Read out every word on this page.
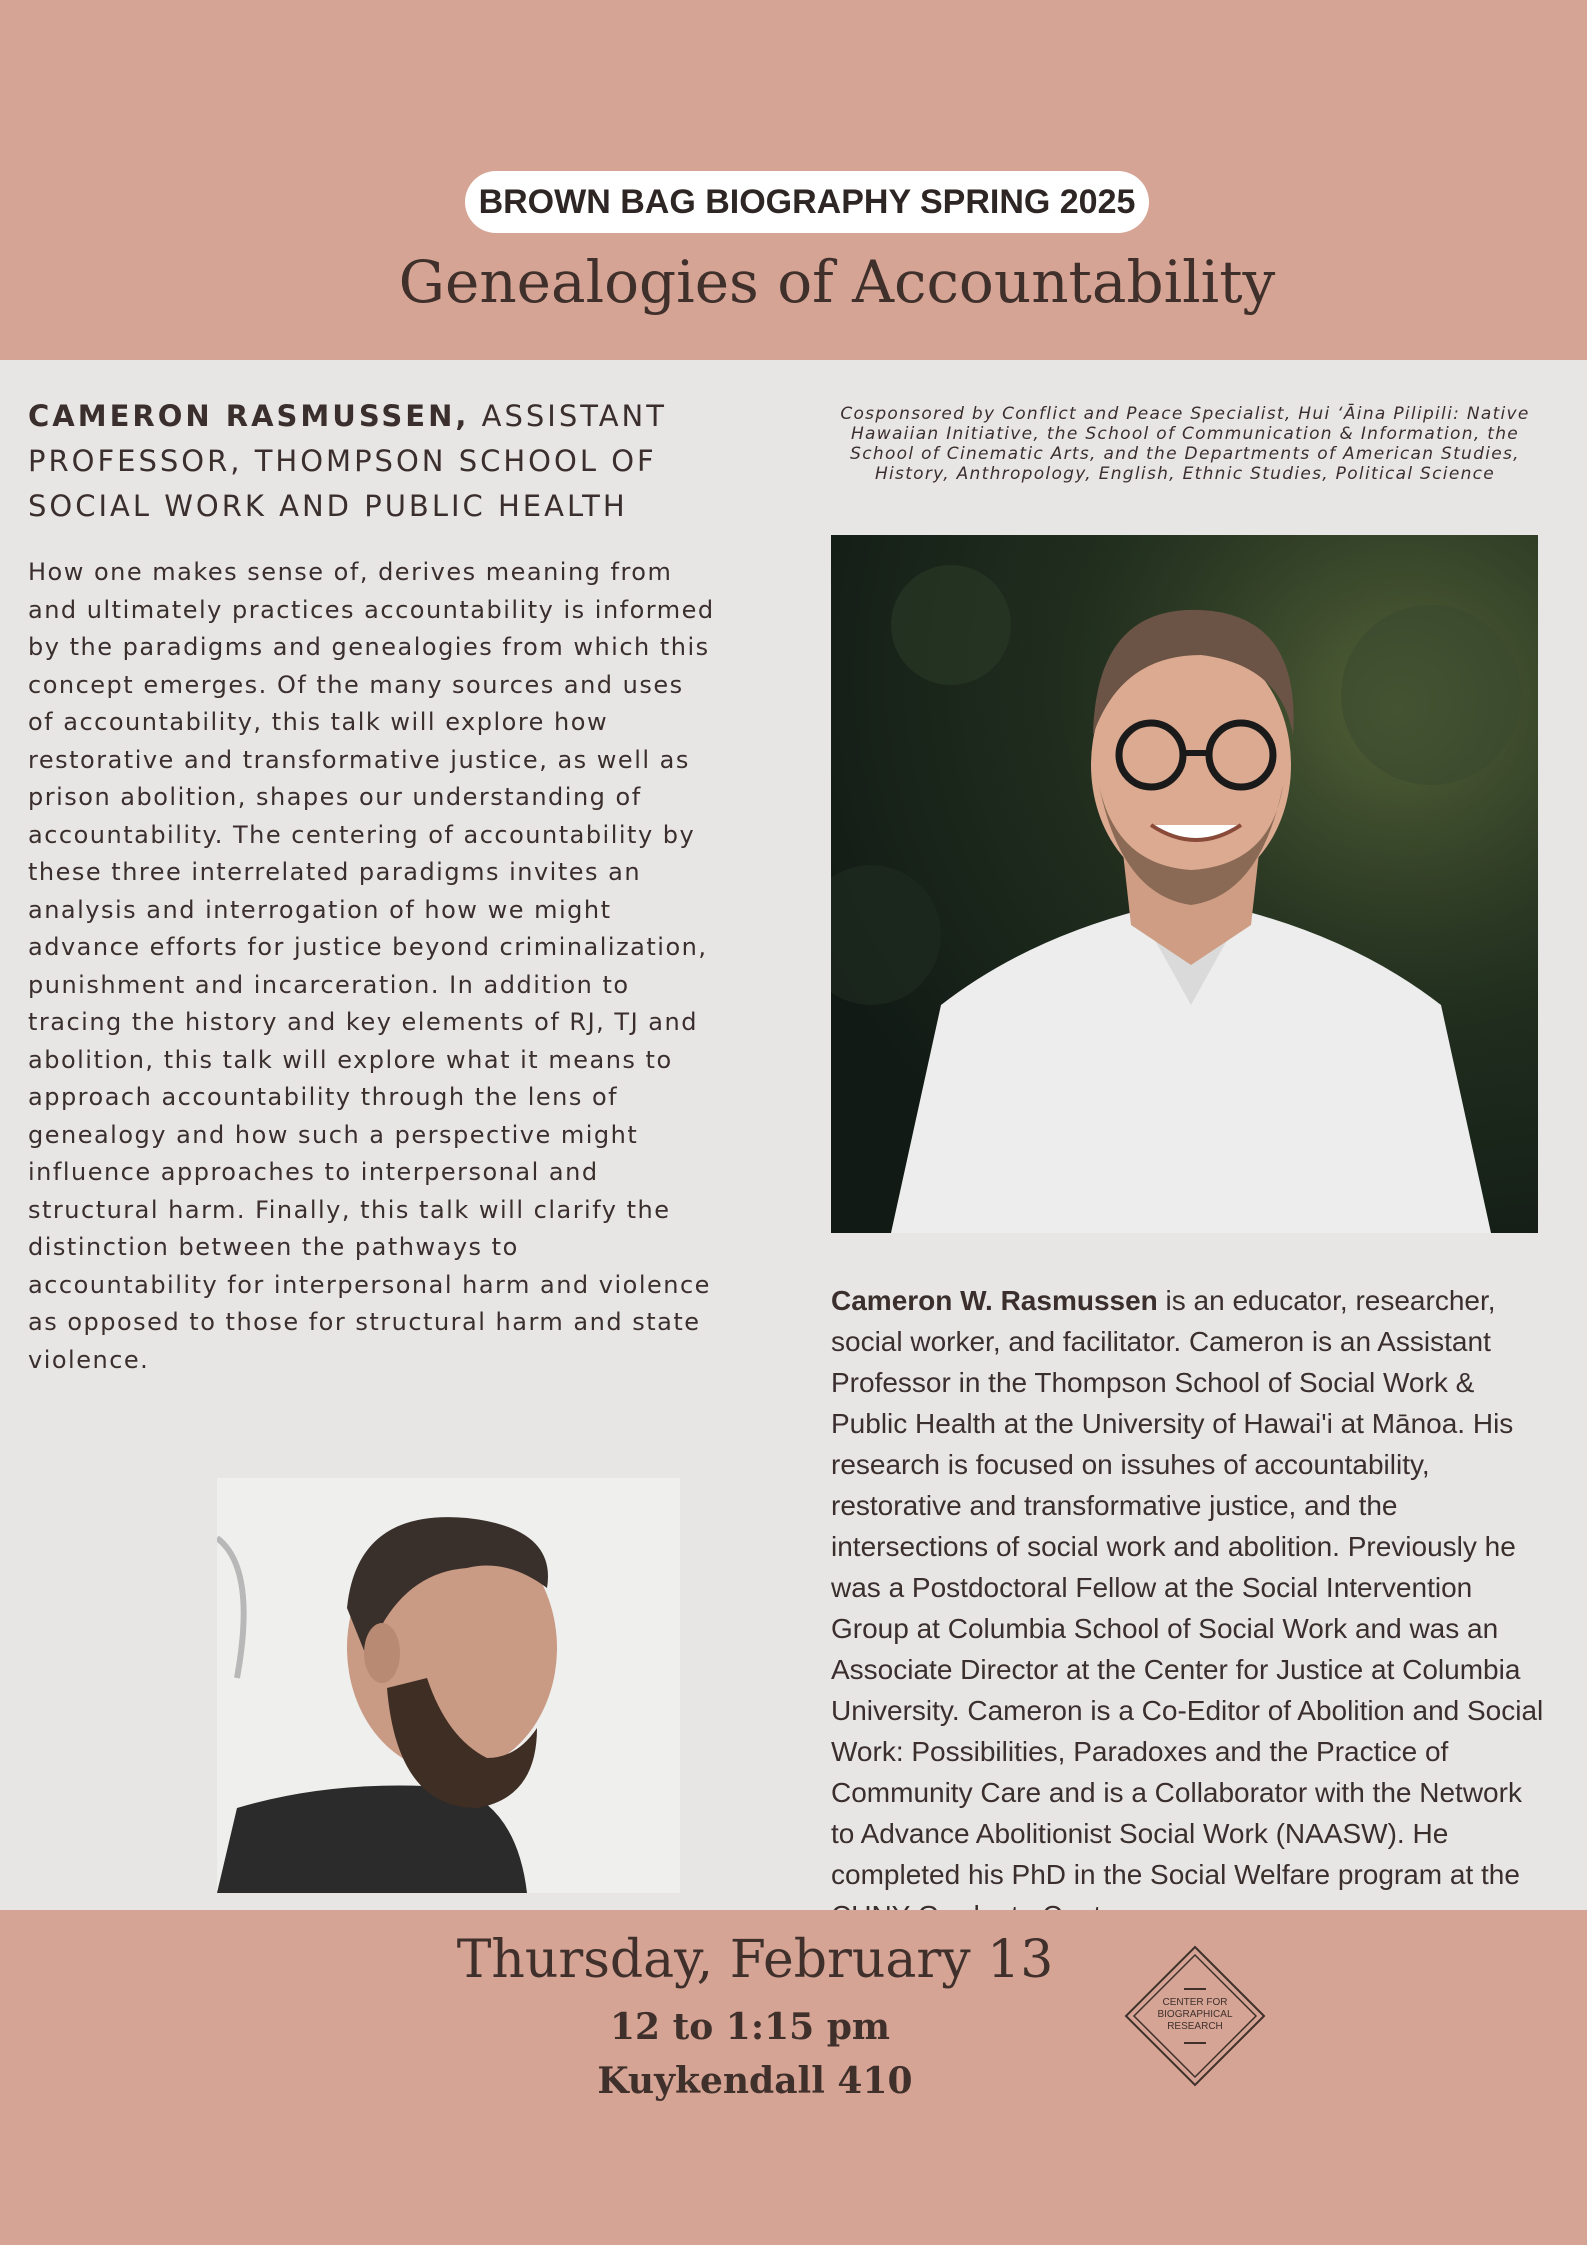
BROWN BAG BIOGRAPHY SPRING 2025
Genealogies of Accountability
CAMERON RASMUSSEN, ASSISTANT PROFESSOR, THOMPSON SCHOOL OF SOCIAL WORK AND PUBLIC HEALTH
How one makes sense of, derives meaning from and ultimately practices accountability is informed by the paradigms and genealogies from which this concept emerges. Of the many sources and uses of accountability, this talk will explore how restorative and transformative justice, as well as prison abolition, shapes our understanding of accountability. The centering of accountability by these three interrelated paradigms invites an analysis and interrogation of how we might advance efforts for justice beyond criminalization, punishment and incarceration. In addition to tracing the history and key elements of RJ, TJ and abolition, this talk will explore what it means to approach accountability through the lens of genealogy and how such a perspective might influence approaches to interpersonal and structural harm. Finally, this talk will clarify the distinction between the pathways to accountability for interpersonal harm and violence as opposed to those for structural harm and state violence.
Cosponsored by Conflict and Peace Specialist, Hui ʻĀina Pilipili: Native Hawaiian Initiative, the School of Communication & Information, the School of Cinematic Arts, and the Departments of American Studies, History, Anthropology, English, Ethnic Studies, Political Science
Cameron W. Rasmussen is an educator, researcher, social worker, and facilitator. Cameron is an Assistant Professor in the Thompson School of Social Work & Public Health at the University of Hawai'i at Mānoa. His research is focused on issuhes of accountability, restorative and transformative justice, and the intersections of social work and abolition. Previously he was a Postdoctoral Fellow at the Social Intervention Group at Columbia School of Social Work and was an Associate Director at the Center for Justice at Columbia University. Cameron is a Co-Editor of Abolition and Social Work: Possibilities, Paradoxes and the Practice of Community Care and is a Collaborator with the Network to Advance Abolitionist Social Work (NAASW). He completed his PhD in the Social Welfare program at the
Thursday, February 13
12 to 1:15 pm
Kuykendall 410
CENTER FOR
BIOGRAPHICAL
RESEARCH
